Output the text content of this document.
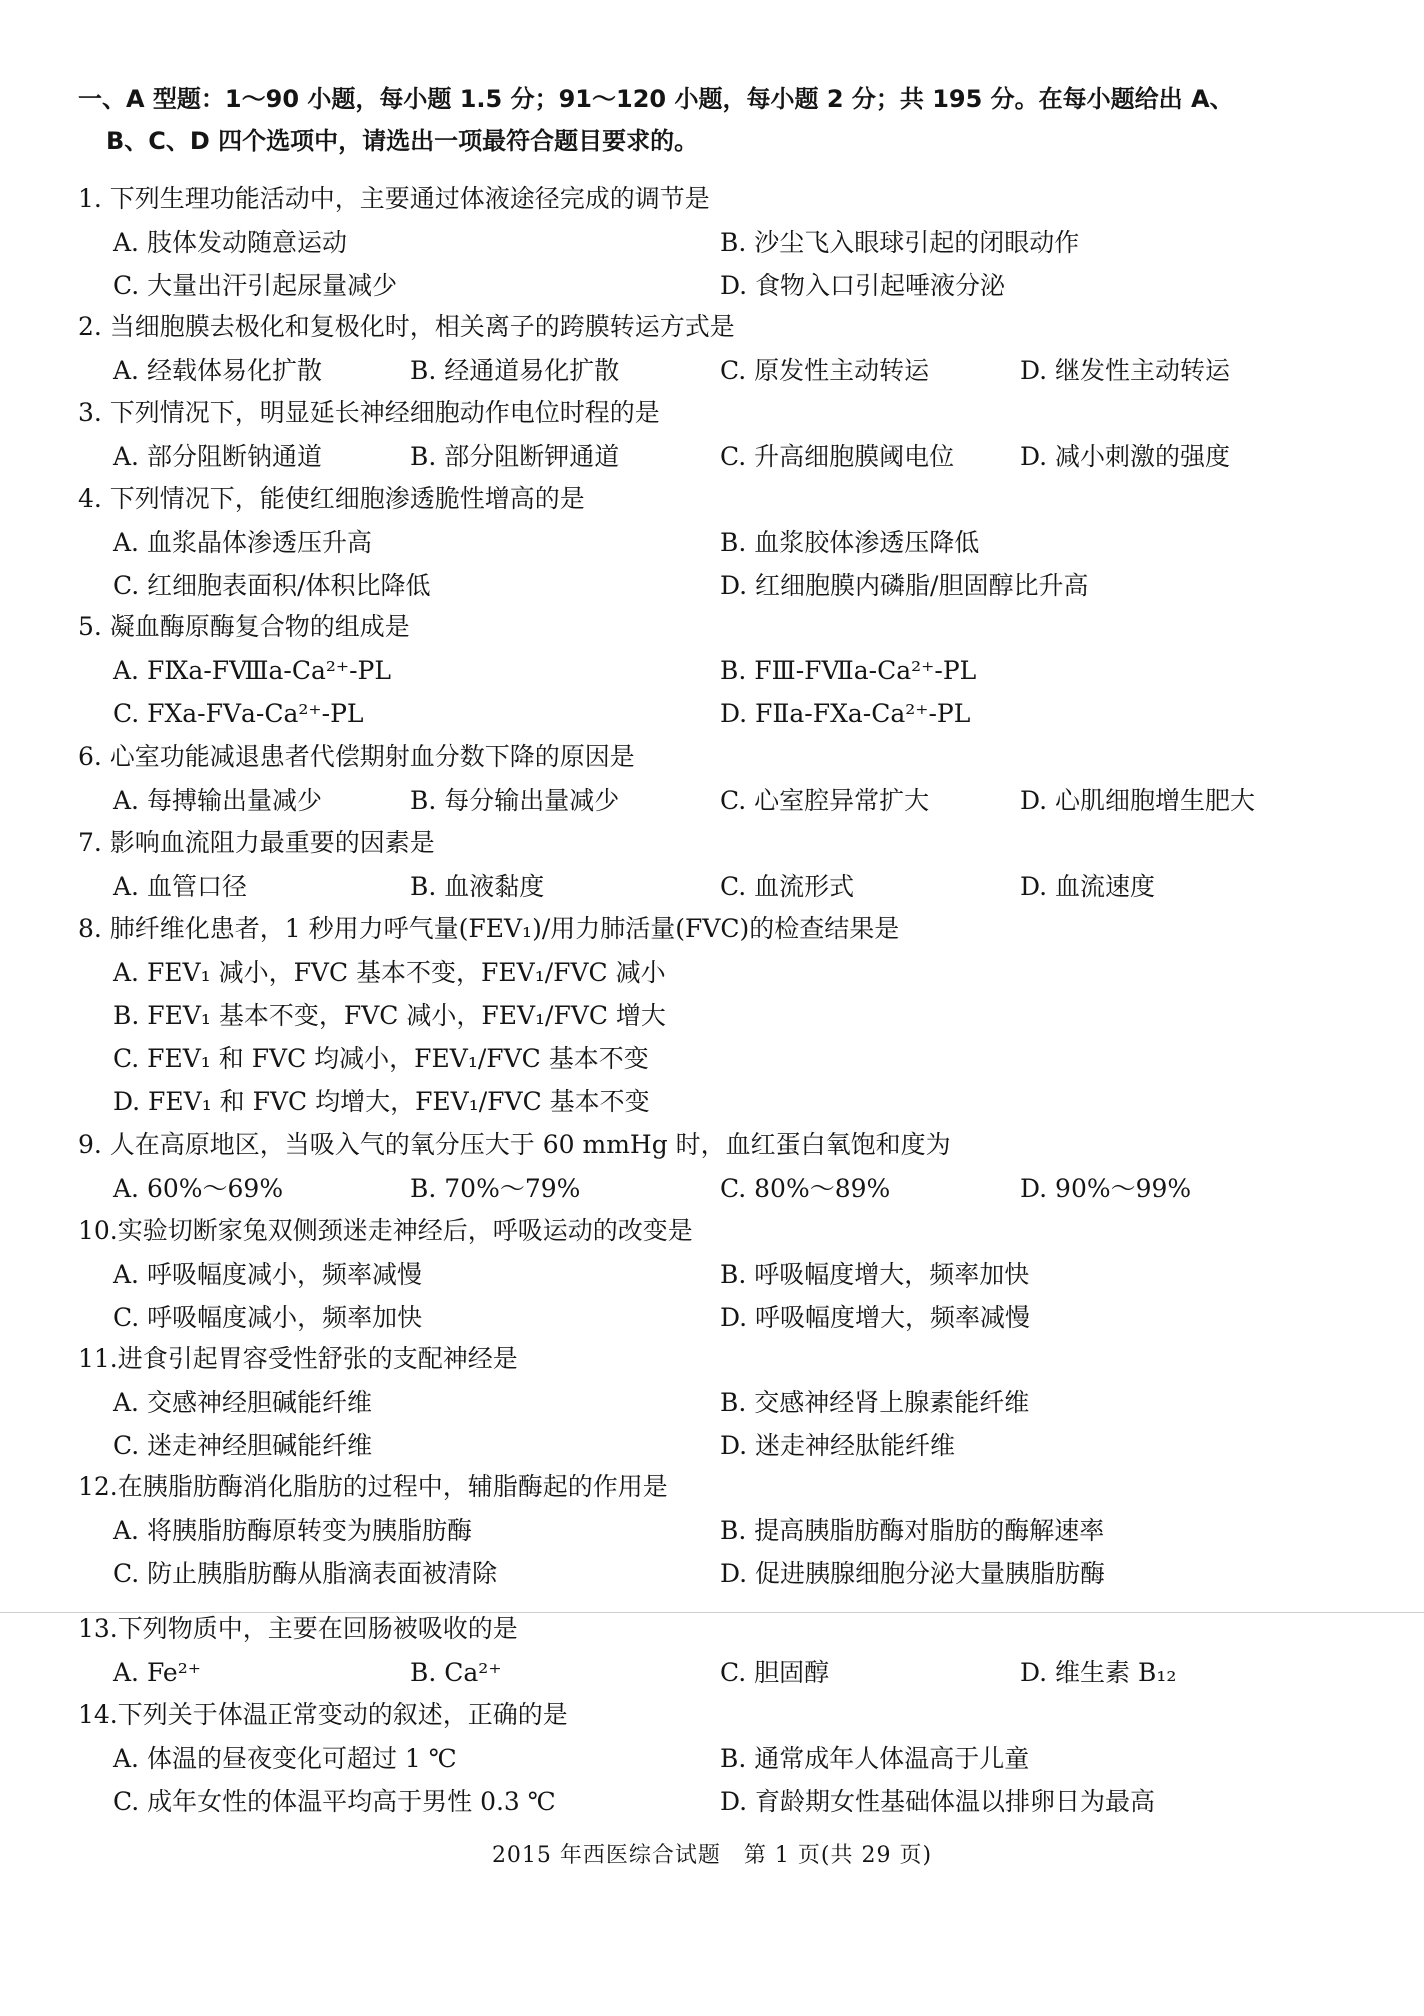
一、A 型题：1～90 小题，每小题 1.5 分；91～120 小题，每小题 2 分；共 195 分。在每小题给出 A、
B、C、D 四个选项中，请选出一项最符合题目要求的。
1. 下列生理功能活动中，主要通过体液途径完成的调节是
A. 肢体发动随意运动	B. 沙尘飞入眼球引起的闭眼动作
C. 大量出汗引起尿量减少	D. 食物入口引起唾液分泌
2. 当细胞膜去极化和复极化时，相关离子的跨膜转运方式是
A. 经载体易化扩散	B. 经通道易化扩散	C. 原发性主动转运	D. 继发性主动转运
3. 下列情况下，明显延长神经细胞动作电位时程的是
A. 部分阻断钠通道	B. 部分阻断钾通道	C. 升高细胞膜阈电位	D. 减小刺激的强度
4. 下列情况下，能使红细胞渗透脆性增高的是
A. 血浆晶体渗透压升高	B. 血浆胶体渗透压降低
C. 红细胞表面积/体积比降低	D. 红细胞膜内磷脂/胆固醇比升高
5. 凝血酶原酶复合物的组成是
A. FⅨa-FⅧa-Ca²⁺-PL	B. FⅢ-FⅦa-Ca²⁺-PL
C. FⅩa-FⅤa-Ca²⁺-PL	D. FⅡa-FⅩa-Ca²⁺-PL
6. 心室功能减退患者代偿期射血分数下降的原因是
A. 每搏输出量减少	B. 每分输出量减少	C. 心室腔异常扩大	D. 心肌细胞增生肥大
7. 影响血流阻力最重要的因素是
A. 血管口径	B. 血液黏度	C. 血流形式	D. 血流速度
8. 肺纤维化患者，1 秒用力呼气量(FEV₁)/用力肺活量(FVC)的检查结果是
A. FEV₁ 减小，FVC 基本不变，FEV₁/FVC 减小
B. FEV₁ 基本不变，FVC 减小，FEV₁/FVC 增大
C. FEV₁ 和 FVC 均减小，FEV₁/FVC 基本不变
D. FEV₁ 和 FVC 均增大，FEV₁/FVC 基本不变
9. 人在高原地区，当吸入气的氧分压大于 60 mmHg 时，血红蛋白氧饱和度为
A. 60%～69%	B. 70%～79%	C. 80%～89%	D. 90%～99%
10.实验切断家兔双侧颈迷走神经后，呼吸运动的改变是
A. 呼吸幅度减小，频率减慢	B. 呼吸幅度增大，频率加快
C. 呼吸幅度减小，频率加快	D. 呼吸幅度增大，频率减慢
11.进食引起胃容受性舒张的支配神经是
A. 交感神经胆碱能纤维	B. 交感神经肾上腺素能纤维
C. 迷走神经胆碱能纤维	D. 迷走神经肽能纤维
12.在胰脂肪酶消化脂肪的过程中，辅脂酶起的作用是
A. 将胰脂肪酶原转变为胰脂肪酶	B. 提高胰脂肪酶对脂肪的酶解速率
C. 防止胰脂肪酶从脂滴表面被清除	D. 促进胰腺细胞分泌大量胰脂肪酶
13.下列物质中，主要在回肠被吸收的是
A. Fe²⁺	B. Ca²⁺	C. 胆固醇	D. 维生素 B₁₂
14.下列关于体温正常变动的叙述，正确的是
A. 体温的昼夜变化可超过 1 ℃	B. 通常成年人体温高于儿童
C. 成年女性的体温平均高于男性 0.3 ℃	D. 育龄期女性基础体温以排卵日为最高
2015 年西医综合试题　第 1 页(共 29 页)
